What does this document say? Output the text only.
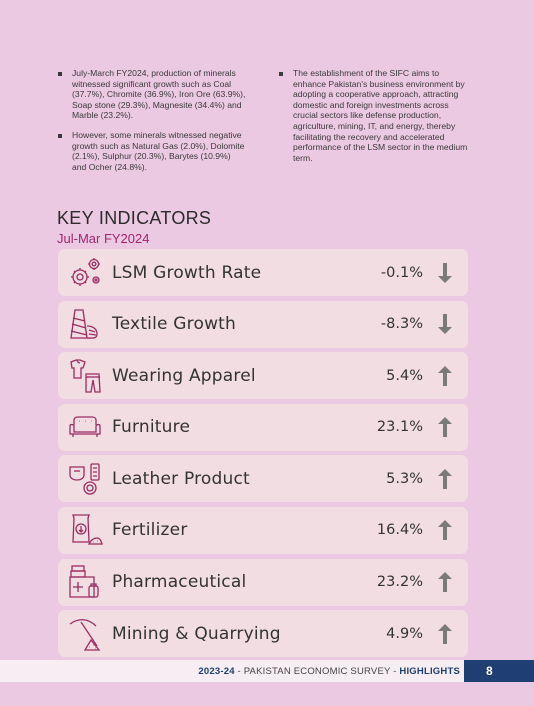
July-March FY2024, production of minerals witnessed significant growth such as Coal (37.7%), Chromite (36.9%), Iron Ore (63.9%), Soap stone (29.3%), Magnesite (34.4%) and Marble (23.2%).
However, some minerals witnessed negative growth such as Natural Gas (2.0%), Dolomite (2.1%), Sulphur (20.3%), Barytes (10.9%) and Ocher (24.8%).
The establishment of the SIFC aims to enhance Pakistan's business environment by adopting a cooperative approach, attracting domestic and foreign investments across crucial sectors like defense production, agriculture, mining, IT, and energy, thereby facilitating the recovery and accelerated performance of the LSM sector in the medium term.
KEY INDICATORS
Jul-Mar FY2024
LSM Growth Rate	-0.1%
Textile Growth	-8.3%
Wearing Apparel	5.4%
Furniture	23.1%
Leather Product	5.3%
Fertilizer	16.4%
Pharmaceutical	23.2%
Mining & Quarrying	4.9%
2023-24 - PAKISTAN ECONOMIC SURVEY - HIGHLIGHTS	8
